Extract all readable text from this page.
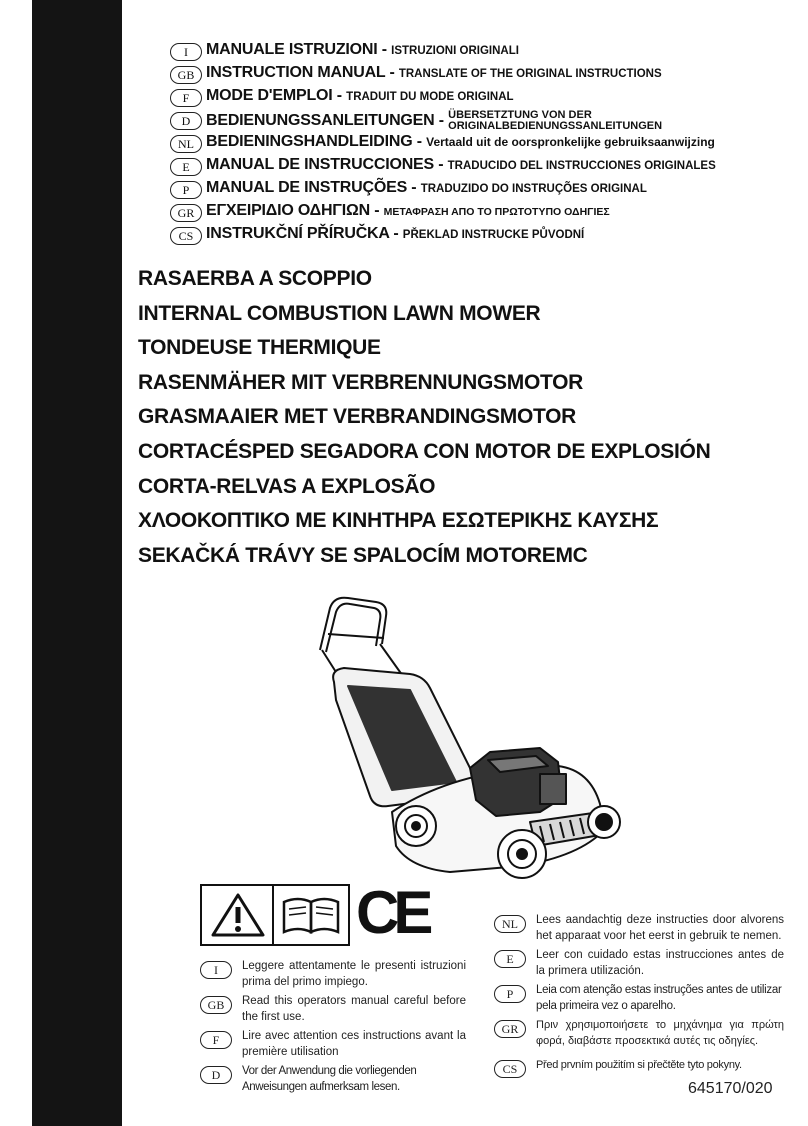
I	MANUALE ISTRUZIONI - ISTRUZIONI ORIGINALI
GB INSTRUCTION MANUAL - TRANSLATE OF THE ORIGINAL INSTRUCTIONS
F	MODE D'EMPLOI - TRADUIT DU MODE ORIGINAL
D BEDIENUNGSSANLEITUNGEN - ÜBERSETZTUNG VON DER
ORIGINALBEDIENUNGSSANLEITUNGEN
NL BEDIENINGSHANDLEIDING - Vertaald uit de oorspronkelijke gebruiksaanwijzing
E	MANUAL DE INSTRUCCIONES - TRADUCIDO DEL INSTRUCCIONES ORIGINALES
P	MANUAL DE INSTRUÇÕES - TRADUZIDO DO INSTRUÇÕES ORIGINAL
GR ΕΓΧΕΙΡΙΔΙΟ ΟΔΗΓΙΩΝ - ΜΕΤΑΦΡΑΣΗ ΑΠΟ ΤΟ ΠΡΩΤΟΤΥΠΟ ΟΔΗΓΙΕΣ
CS INSTRUKČNÍ PŘÍRUČKA - PŘEKLAD INSTRUCKE PŮVODNÍ
RASAERBA A SCOPPIO
INTERNAL COMBUSTION LAWN MOWER
TONDEUSE THERMIQUE
RASENMÄHER MIT VERBRENNUNGSMOTOR
GRASMAAIER MET VERBRANDINGSMOTOR
CORTACÉSPED SEGADORA CON MOTOR DE EXPLOSIÓN
CORTA-RELVAS A EXPLOSÃO
ΧΛΟΟΚΟΠΤΙΚΟ ΜΕ ΚΙΝΗΤΗΡΑ ΕΣΩΤΕΡΙΚΗΣ ΚΑΥΣΗΣ
SEKAČKÁ TRÁVY SE SPALOCÍM MOTOREMC
CE
I	Leggere attentamente le presenti istruzioni prima del primo impiego.
GB	Read this operators manual careful before the first use.
F	Lire avec attention ces instructions avant la premiѐre utilisation
D	Vor der Anwendung die vorliegenden Anweisungen aufmerksam lesen.
NL	Lees aandachtig deze instructies door alvorens het apparaat voor het eerst in gebruik te nemen.
E	Leer con cuidado estas instrucciones antes de la primera utilización.
P	Leia com atenção estas instruções antes de utilizar pela primeira vez o aparelho.
GR	Πριν χρησιμοποιήσετε το μηχάνημα για πρώτη φορά, διαβάστε προσεκτικά αυτές τις οδηγίες.
CS	Před prvním použitím si přečtěte tyto pokyny.
645170/020
